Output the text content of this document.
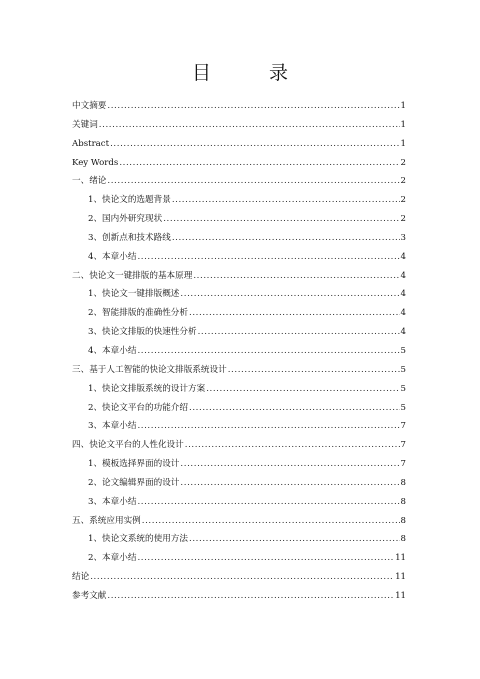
目 录
中文摘要 .....	1
关键词 .....	1
Abstract .....	1
Key Words .....	2
一、绪论 .....	2
1、快论文的选题背景 .....	2
2、国内外研究现状 .....	2
3、创新点和技术路线 .....	3
4、本章小结 .....	4
二、快论文一键排版的基本原理 .....	4
1、快论文一键排版概述 .....	4
2、智能排版的准确性分析 .....	4
3、快论文排版的快速性分析 .....	4
4、本章小结 .....	5
三、基于人工智能的快论文排版系统设计 .....	5
1、快论文排版系统的设计方案 .....	5
2、快论文平台的功能介绍 .....	5
3、本章小结 .....	7
四、快论文平台的人性化设计 .....	7
1、模板选择界面的设计 .....	7
2、论文编辑界面的设计 .....	8
3、本章小结 .....	8
五、系统应用实例 .....	8
1、快论文系统的使用方法 .....	8
2、本章小结 .....	11
结论 .....	11
参考文献 .....	11
